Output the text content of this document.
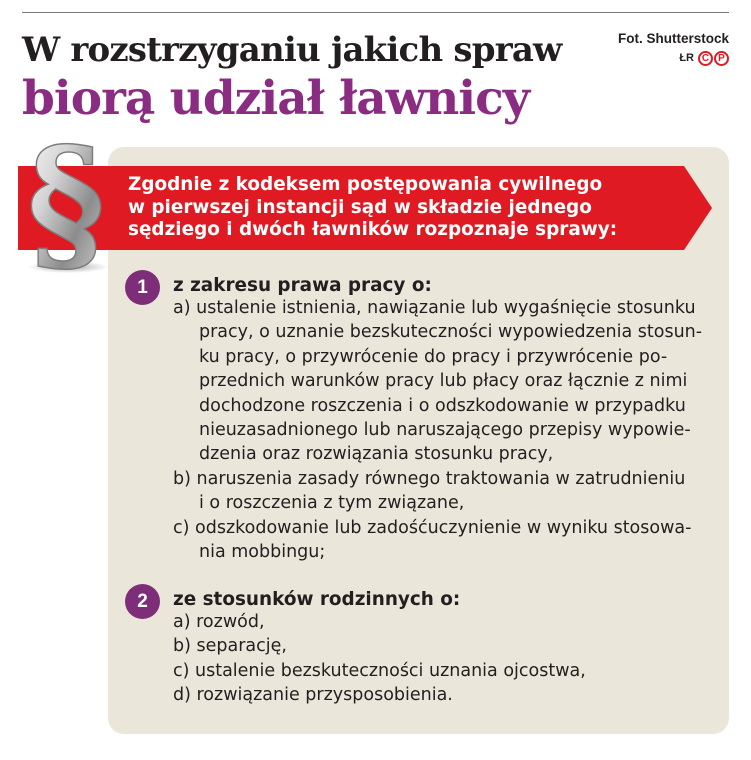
W rozstrzyganiu jakich spraw
biorą udział ławnicy
Fot. Shutterstock
ŁR C P

Zgodnie z kodeksem postępowania cywilnego
w pierwszej instancji sąd w składzie jednego
sędziego i dwóch ławników rozpoznaje sprawy:

§	1	z zakresu prawa pracy o:

a) ustalenie istnienia, nawiązanie lub wygaśnięcie stosunku
pracy, o uznanie bezskuteczności wypowiedzenia stosun-
ku pracy, o przywrócenie do pracy i przywrócenie po-
przednich warunków pracy lub płacy oraz łącznie z nimi
dochodzone roszczenia i o odszkodowanie w przypadku
nieuzasadnionego lub naruszającego przepisy wypowie-
dzenia oraz rozwiązania stosunku pracy,
b) naruszenia zasady równego traktowania w zatrudnieniu
i o roszczenia z tym związane,
c) odszkodowanie lub zadośćuczynienie w wyniku stosowa-
nia mobbingu;
2	ze stosunków rodzinnych o:

a) rozwód,
b) separację,
c) ustalenie bezskuteczności uznania ojcostwa,
d) rozwiązanie przysposobienia.
